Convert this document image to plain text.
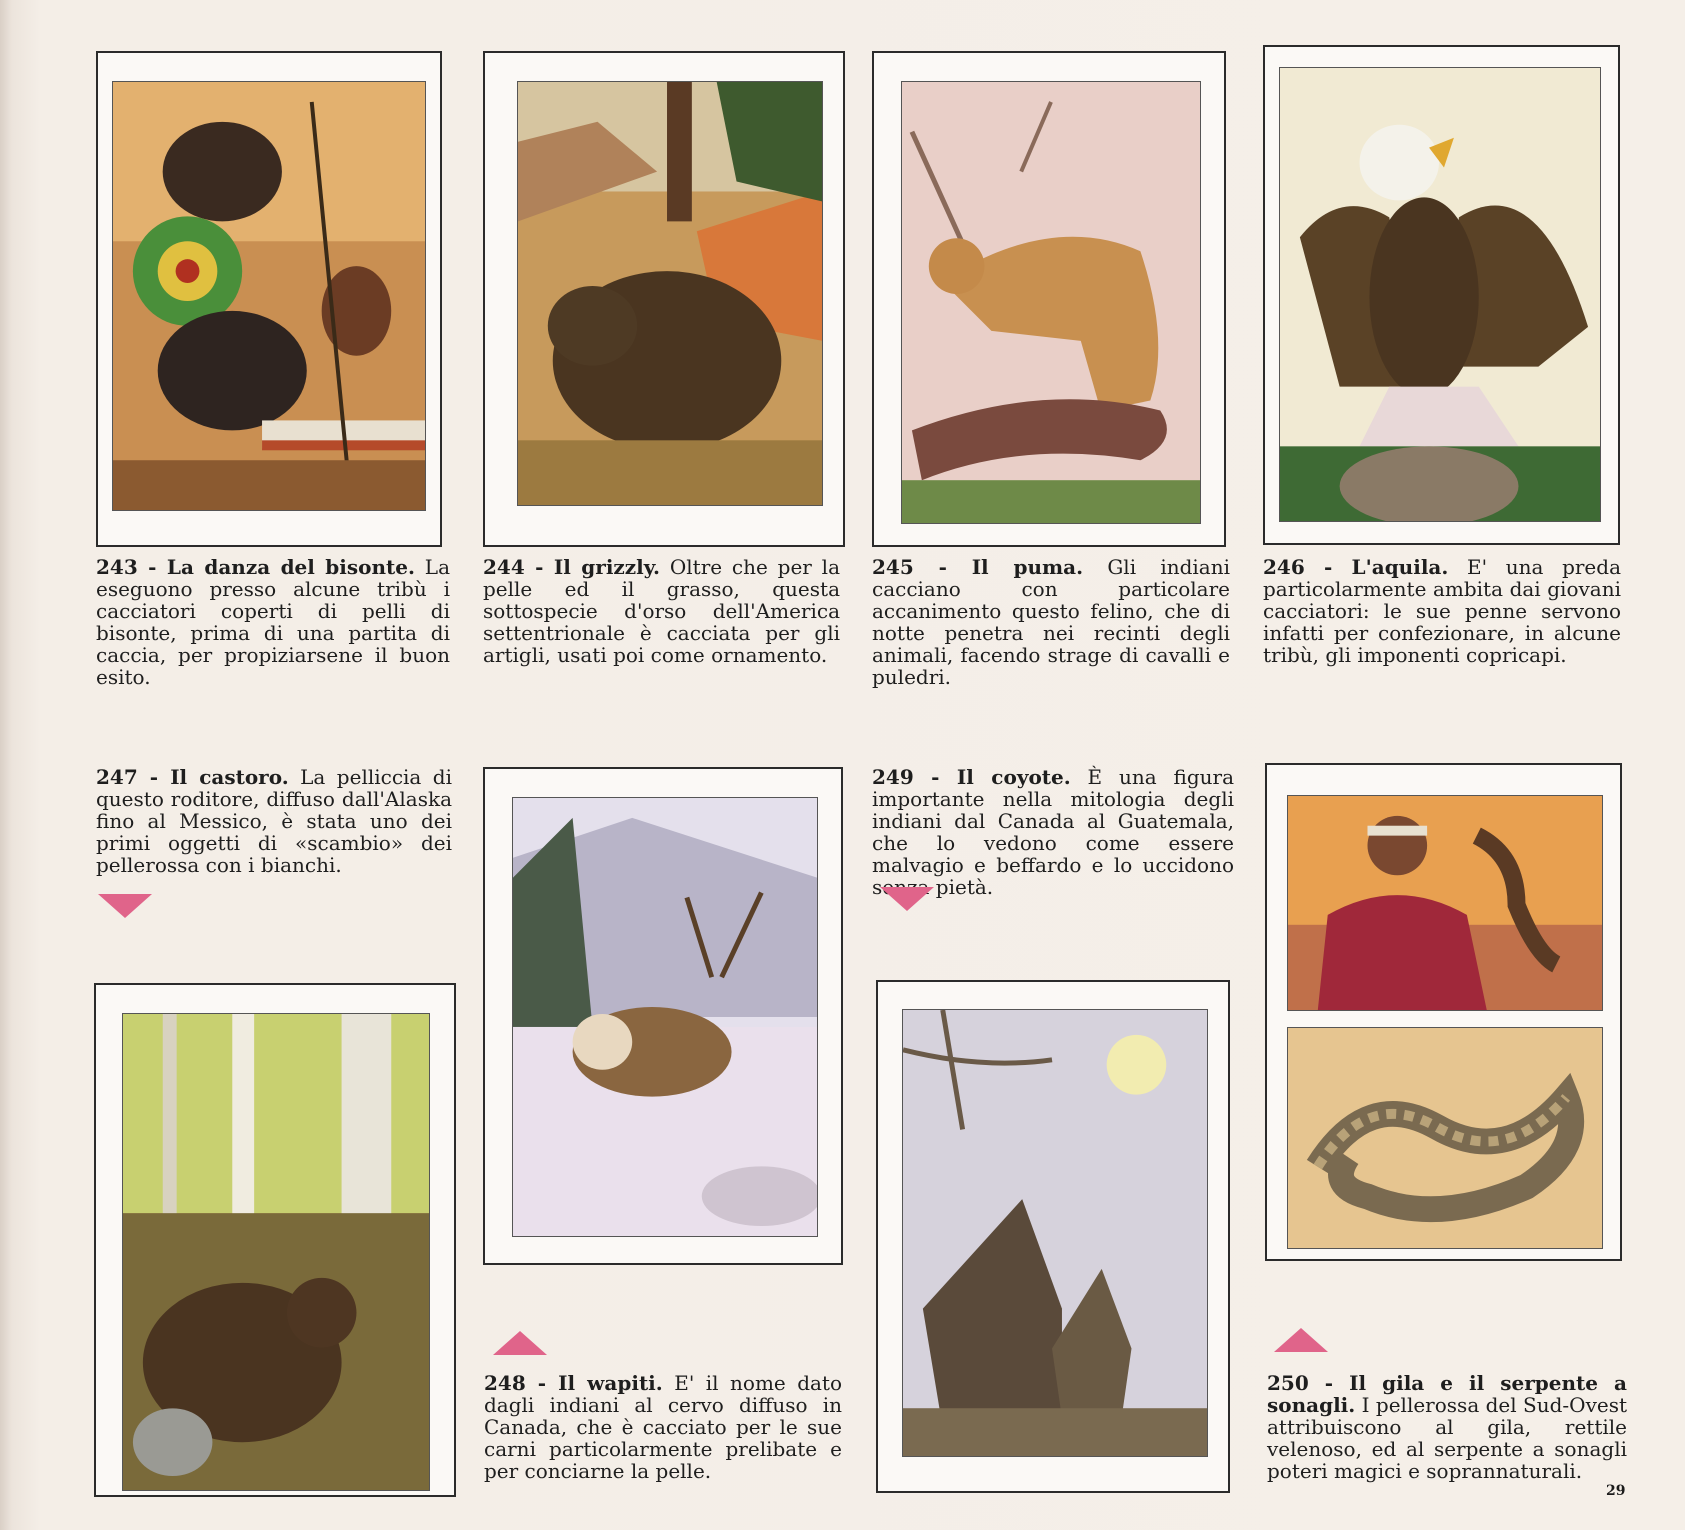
243 - La danza del bisonte. La eseguono presso alcune tribù i cacciatori coperti di pelli di bisonte, prima di una partita di caccia, per propiziarsene il buon esito.
244 - Il grizzly. Oltre che per la pelle ed il grasso, questa sottospecie d'orso dell'America settentrionale è cacciata per gli artigli, usati poi come ornamento.
245 - Il puma. Gli indiani cacciano con particolare accanimento questo felino, che di notte penetra nei recinti degli animali, facendo strage di cavalli e puledri.
246 - L'aquila. E' una preda particolarmente ambita dai giovani cacciatori: le sue penne servono infatti per confezionare, in alcune tribù, gli imponenti copricapi.
247 - Il castoro. La pelliccia di questo roditore, diffuso dall'Alaska fino al Messico, è stata uno dei primi oggetti di «scambio» dei pellerossa con i bianchi.
248 - Il wapiti. E' il nome dato dagli indiani al cervo diffuso in Canada, che è cacciato per le sue carni particolarmente prelibate e per conciarne la pelle.
249 - Il coyote. È una figura importante nella mitologia degli indiani dal Canada al Guatemala, che lo vedono come essere malvagio e beffardo e lo uccidono senza pietà.
250 - Il gila e il serpente a sonagli. I pellerossa del Sud-Ovest attribuiscono al gila, rettile velenoso, ed al serpente a sonagli poteri magici e soprannaturali.
29
